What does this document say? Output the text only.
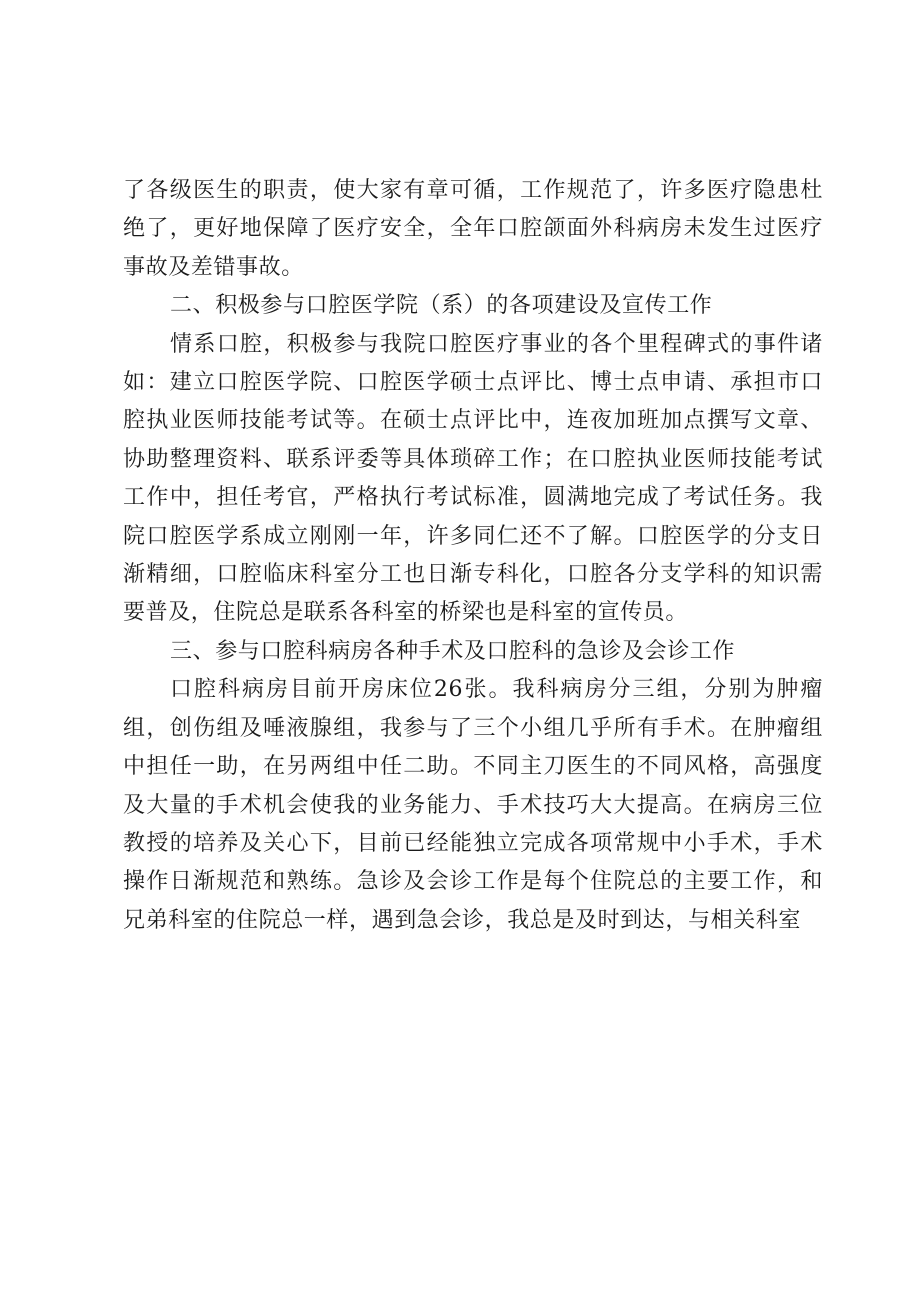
了各级医生的职责，使大家有章可循，工作规范了，许多医疗隐患杜绝了，更好地保障了医疗安全，全年口腔颌面外科病房未发生过医疗事故及差错事故。

二、积极参与口腔医学院（系）的各项建设及宣传工作

情系口腔，积极参与我院口腔医疗事业的各个里程碑式的事件诸如：建立口腔医学院、口腔医学硕士点评比、博士点申请、承担市口腔执业医师技能考试等。在硕士点评比中，连夜加班加点撰写文章、协助整理资料、联系评委等具体琐碎工作；在口腔执业医师技能考试工作中，担任考官，严格执行考试标准，圆满地完成了考试任务。我院口腔医学系成立刚刚一年，许多同仁还不了解。口腔医学的分支日渐精细，口腔临床科室分工也日渐专科化，口腔各分支学科的知识需要普及，住院总是联系各科室的桥梁也是科室的宣传员。

三、参与口腔科病房各种手术及口腔科的急诊及会诊工作

口腔科病房目前开房床位26张。我科病房分三组，分别为肿瘤组，创伤组及唾液腺组，我参与了三个小组几乎所有手术。在肿瘤组中担任一助，在另两组中任二助。不同主刀医生的不同风格，高强度及大量的手术机会使我的业务能力、手术技巧大大提高。在病房三位教授的培养及关心下，目前已经能独立完成各项常规中小手术，手术操作日渐规范和熟练。急诊及会诊工作是每个住院总的主要工作，和兄弟科室的住院总一样，遇到急会诊，我总是及时到达，与相关科室
